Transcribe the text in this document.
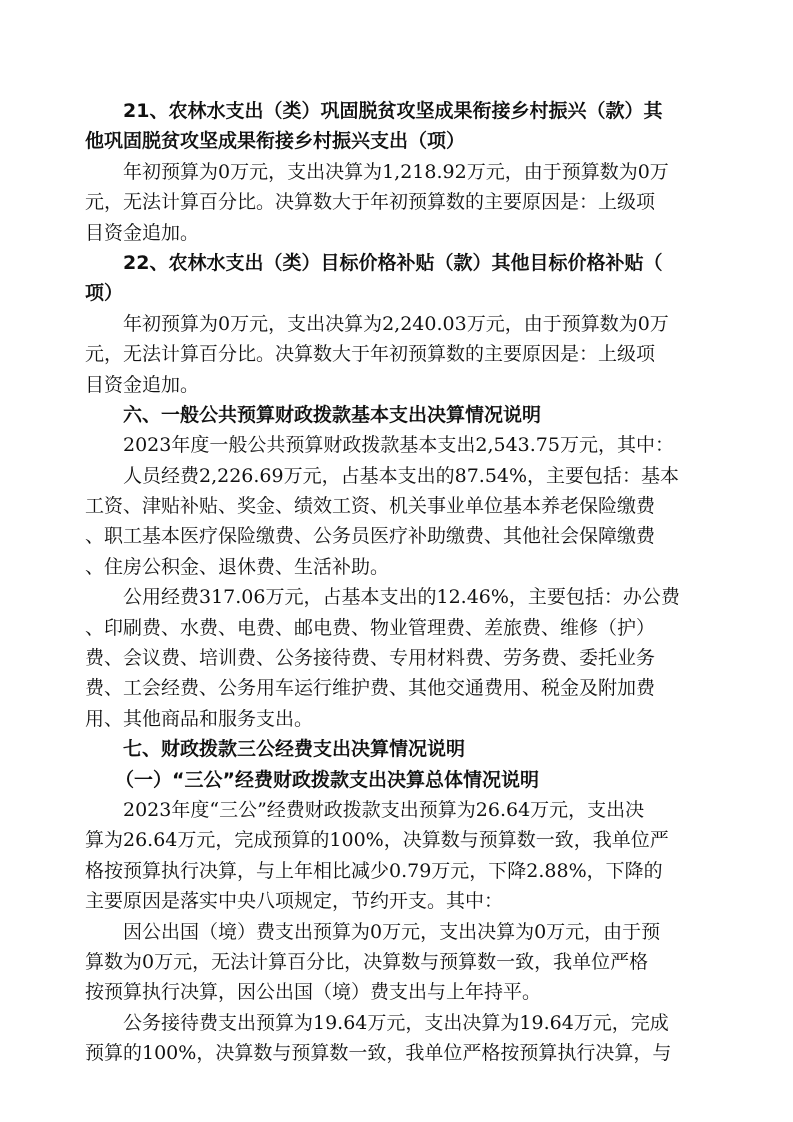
21、农林水支出（类）巩固脱贫攻坚成果衔接乡村振兴（款）其
他巩固脱贫攻坚成果衔接乡村振兴支出（项）
年初预算为0万元，支出决算为1,218.92万元，由于预算数为0万
元，无法计算百分比。决算数大于年初预算数的主要原因是：上级项
目资金追加。
22、农林水支出（类）目标价格补贴（款）其他目标价格补贴（
项）
年初预算为0万元，支出决算为2,240.03万元，由于预算数为0万
元，无法计算百分比。决算数大于年初预算数的主要原因是：上级项
目资金追加。
六、一般公共预算财政拨款基本支出决算情况说明
2023年度一般公共预算财政拨款基本支出2,543.75万元，其中：
人员经费2,226.69万元，占基本支出的87.54%，主要包括：基本
工资、津贴补贴、奖金、绩效工资、机关事业单位基本养老保险缴费
、职工基本医疗保险缴费、公务员医疗补助缴费、其他社会保障缴费
、住房公积金、退休费、生活补助。
公用经费317.06万元，占基本支出的12.46%，主要包括：办公费
、印刷费、水费、电费、邮电费、物业管理费、差旅费、维修（护）
费、会议费、培训费、公务接待费、专用材料费、劳务费、委托业务
费、工会经费、公务用车运行维护费、其他交通费用、税金及附加费
用、其他商品和服务支出。
七、财政拨款三公经费支出决算情况说明
（一）“三公”经费财政拨款支出决算总体情况说明
2023年度“三公”经费财政拨款支出预算为26.64万元，支出决
算为26.64万元，完成预算的100%，决算数与预算数一致，我单位严
格按预算执行决算，与上年相比减少0.79万元，下降2.88%，下降的
主要原因是落实中央八项规定，节约开支。其中：
因公出国（境）费支出预算为0万元，支出决算为0万元，由于预
算数为0万元，无法计算百分比，决算数与预算数一致，我单位严格
按预算执行决算，因公出国（境）费支出与上年持平。
公务接待费支出预算为19.64万元，支出决算为19.64万元，完成
预算的100%，决算数与预算数一致，我单位严格按预算执行决算，与
